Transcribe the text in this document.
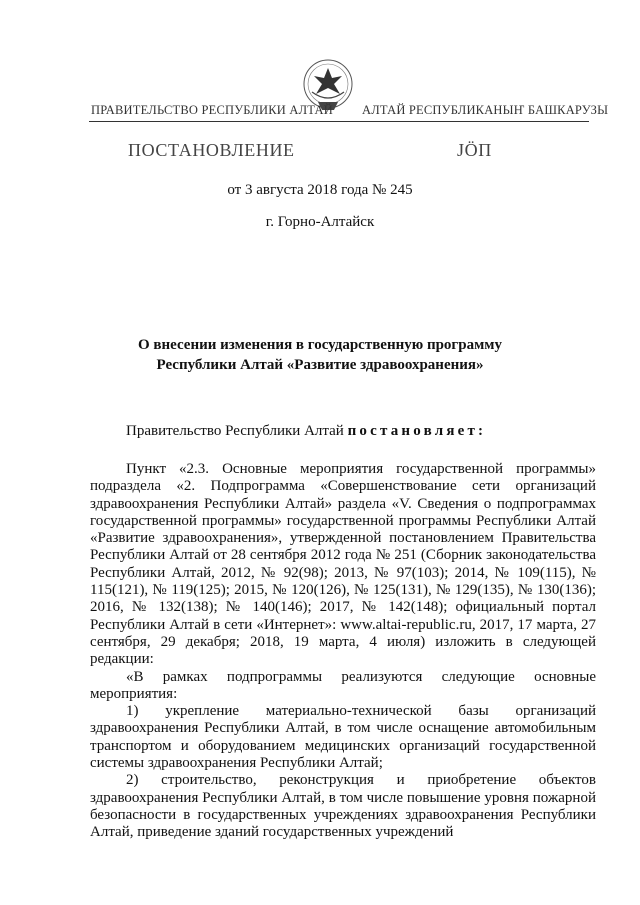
ПРАВИТЕЛЬСТВО РЕСПУБЛИКИ АЛТАЙ АЛТАЙ РЕСПУБЛИКАНЫҤ БАШКАРУЗЫ
ПОСТАНОВЛЕНИЕ	ЈӦП
от 3 августа 2018 года № 245
г. Горно-Алтайск
О внесении изменения в государственную программу
Республики Алтай «Развитие здравоохранения»
Правительство Республики Алтай постановляет:

Пункт «2.3. Основные мероприятия государственной программы» подраздела «2. Подпрограмма «Совершенствование сети организаций здравоохранения Республики Алтай» раздела «V. Сведения о подпрограммах государственной программы» государственной программы Республики Алтай «Развитие здравоохранения», утвержденной постановлением Правительства Республики Алтай от 28 сентября 2012 года № 251 (Сборник законодательства Республики Алтай, 2012, № 92(98); 2013, № 97(103); 2014, № 109(115), № 115(121), № 119(125); 2015, № 120(126), № 125(131), № 129(135), № 130(136); 2016, № 132(138); № 140(146); 2017, № 142(148); официальный портал Республики Алтай в сети «Интернет»: www.altai-republic.ru, 2017, 17 марта, 27 сентября, 29 декабря; 2018, 19 марта, 4 июля) изложить в следующей редакции:

«В рамках подпрограммы реализуются следующие основные мероприятия:

1) укрепление материально-технической базы организаций здравоохранения Республики Алтай, в том числе оснащение автомобильным транспортом и оборудованием медицинских организаций государственной системы здравоохранения Республики Алтай;

2) строительство, реконструкция и приобретение объектов здравоохранения Республики Алтай, в том числе повышение уровня пожарной безопасности в государственных учреждениях здравоохранения Республики Алтай, приведение зданий государственных учреждений
